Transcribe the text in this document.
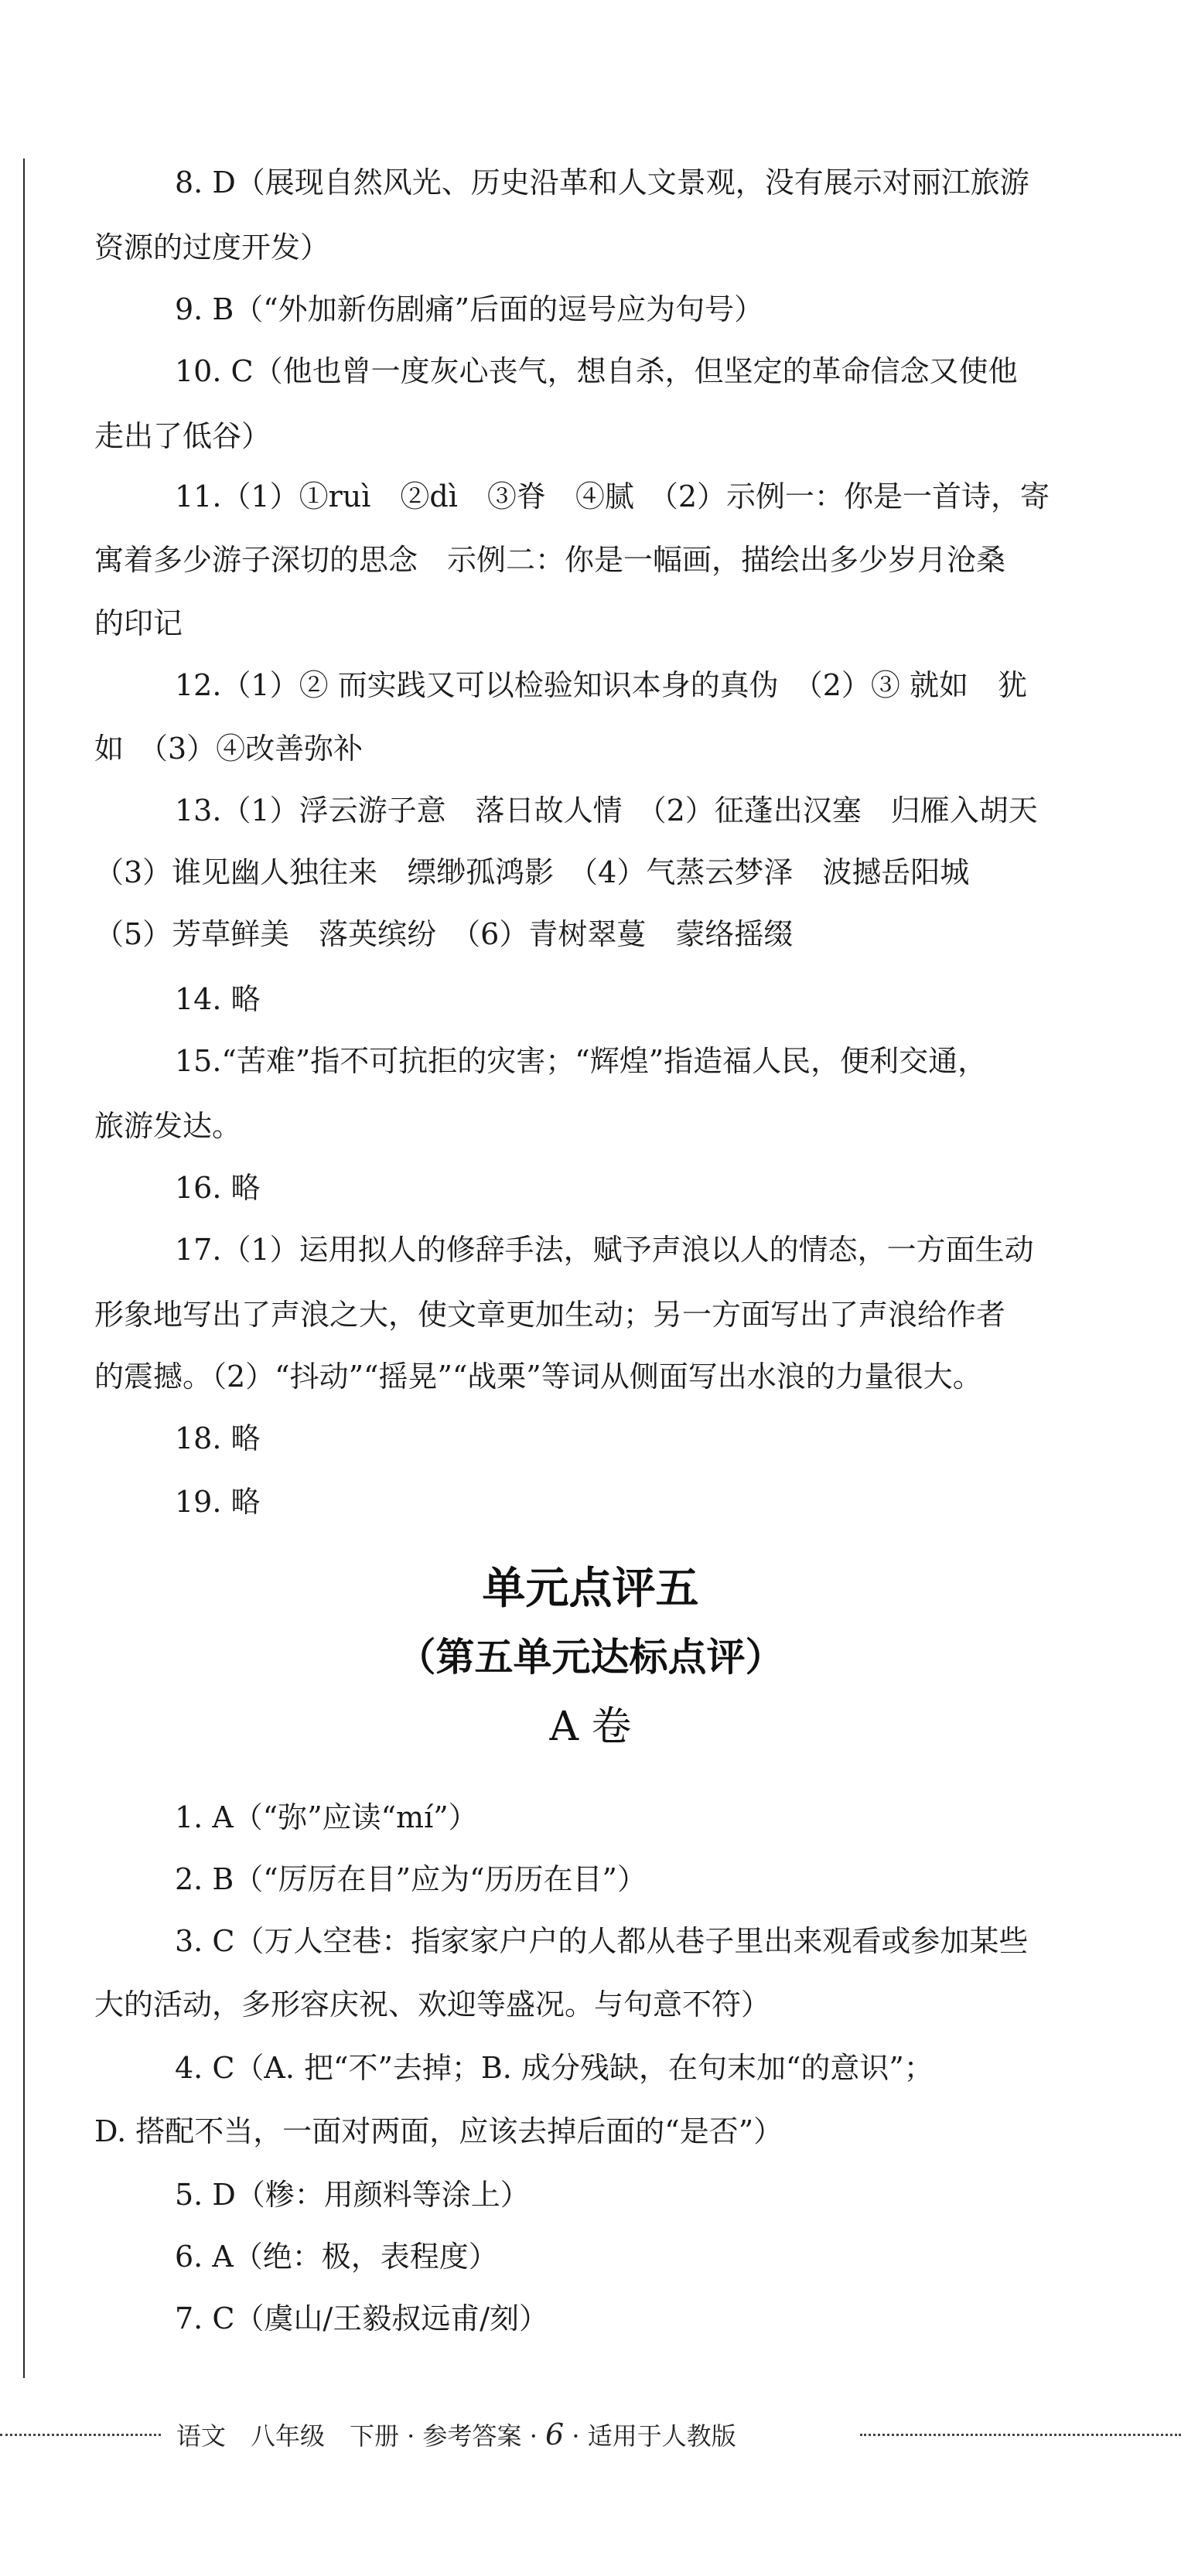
8. D（展现自然风光、历史沿革和人文景观，没有展示对丽江旅游
资源的过度开发）
9. B（“外加新伤剧痛”后面的逗号应为句号）
10. C（他也曾一度灰心丧气，想自杀，但坚定的革命信念又使他
走出了低谷）
11.（1）①ruì　②dì　③脊　④腻　（2）示例一：你是一首诗，寄
寓着多少游子深切的思念　示例二：你是一幅画，描绘出多少岁月沧桑
的印记
12.（1）② 而实践又可以检验知识本身的真伪　（2）③ 就如　犹
如　（3）④改善弥补
13.（1）浮云游子意　落日故人情　（2）征蓬出汉塞　归雁入胡天
（3）谁见幽人独往来　缥缈孤鸿影　（4）气蒸云梦泽　波撼岳阳城
（5）芳草鲜美　落英缤纷　（6）青树翠蔓　蒙络摇缀
14. 略
15.“苦难”指不可抗拒的灾害；“辉煌”指造福人民，便利交通，
旅游发达。
16. 略
17.（1）运用拟人的修辞手法，赋予声浪以人的情态，一方面生动
形象地写出了声浪之大，使文章更加生动；另一方面写出了声浪给作者
的震撼。（2）“抖动”“摇晃”“战栗”等词从侧面写出水浪的力量很大。
18. 略
19. 略
单元点评五
（第五单元达标点评）
A 卷
1. A（“弥”应读“mí”）
2. B（“厉厉在目”应为“历历在目”）
3. C（万人空巷：指家家户户的人都从巷子里出来观看或参加某些
大的活动，多形容庆祝、欢迎等盛况。与句意不符）
4. C（A. 把“不”去掉；B. 成分残缺，在句末加“的意识”；
D. 搭配不当，一面对两面，应该去掉后面的“是否”）
5. D（糁：用颜料等涂上）
6. A（绝：极，表程度）
7. C（虞山/王毅叔远甫/刻）
语文　八年级　下册 · 参考答案 · 6 · 适用于人教版
